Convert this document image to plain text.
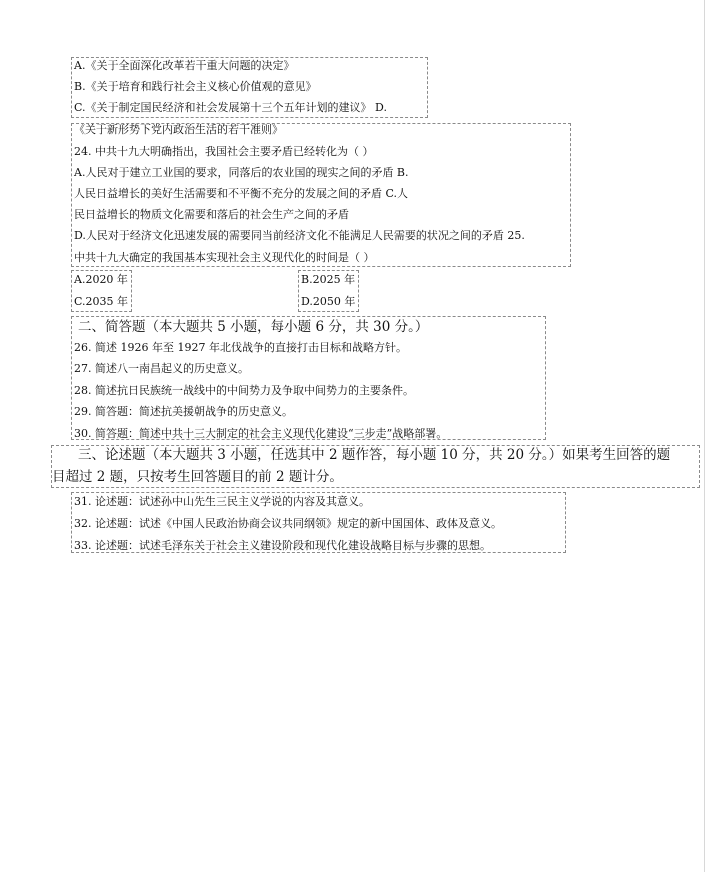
A.《关于全面深化改革若干重大问题的决定》
B.《关于培育和践行社会主义核心价值观的意见》
C.《关于制定国民经济和社会发展第十三个五年计划的建议》 D.
《关于新形势下党内政治生活的若干准则》
24. 中共十九大明确指出，我国社会主要矛盾已经转化为（ ）
A.人民对于建立工业国的要求，同落后的农业国的现实之间的矛盾 B.
人民日益增长的美好生活需要和不平衡不充分的发展之间的矛盾 C.人
民日益增长的物质文化需要和落后的社会生产之间的矛盾
D.人民对于经济文化迅速发展的需要同当前经济文化不能满足人民需要的状况之间的矛盾 25.
中共十九大确定的我国基本实现社会主义现代化的时间是（ ）
A.2020 年	B.2025 年
C.2035 年	D.2050 年
二、简答题（本大题共 5 小题，每小题 6 分，共 30 分。）
26. 简述 1926 年至 1927 年北伐战争的直接打击目标和战略方针。
27. 简述八一南昌起义的历史意义。
28. 简述抗日民族统一战线中的中间势力及争取中间势力的主要条件。
29. 简答题：简述抗美援朝战争的历史意义。
30. 简答题：简述中共十三大制定的社会主义现代化建设“三步走”战略部署。
三、论述题（本大题共 3 小题，任选其中 2 题作答，每小题 10 分，共 20 分。）如果考生回答的题
目超过 2 题，只按考生回答题目的前 2 题计分。
31. 论述题：试述孙中山先生三民主义学说的内容及其意义。
32. 论述题：试述《中国人民政治协商会议共同纲领》规定的新中国国体、政体及意义。
33. 论述题：试述毛泽东关于社会主义建设阶段和现代化建设战略目标与步骤的思想。
